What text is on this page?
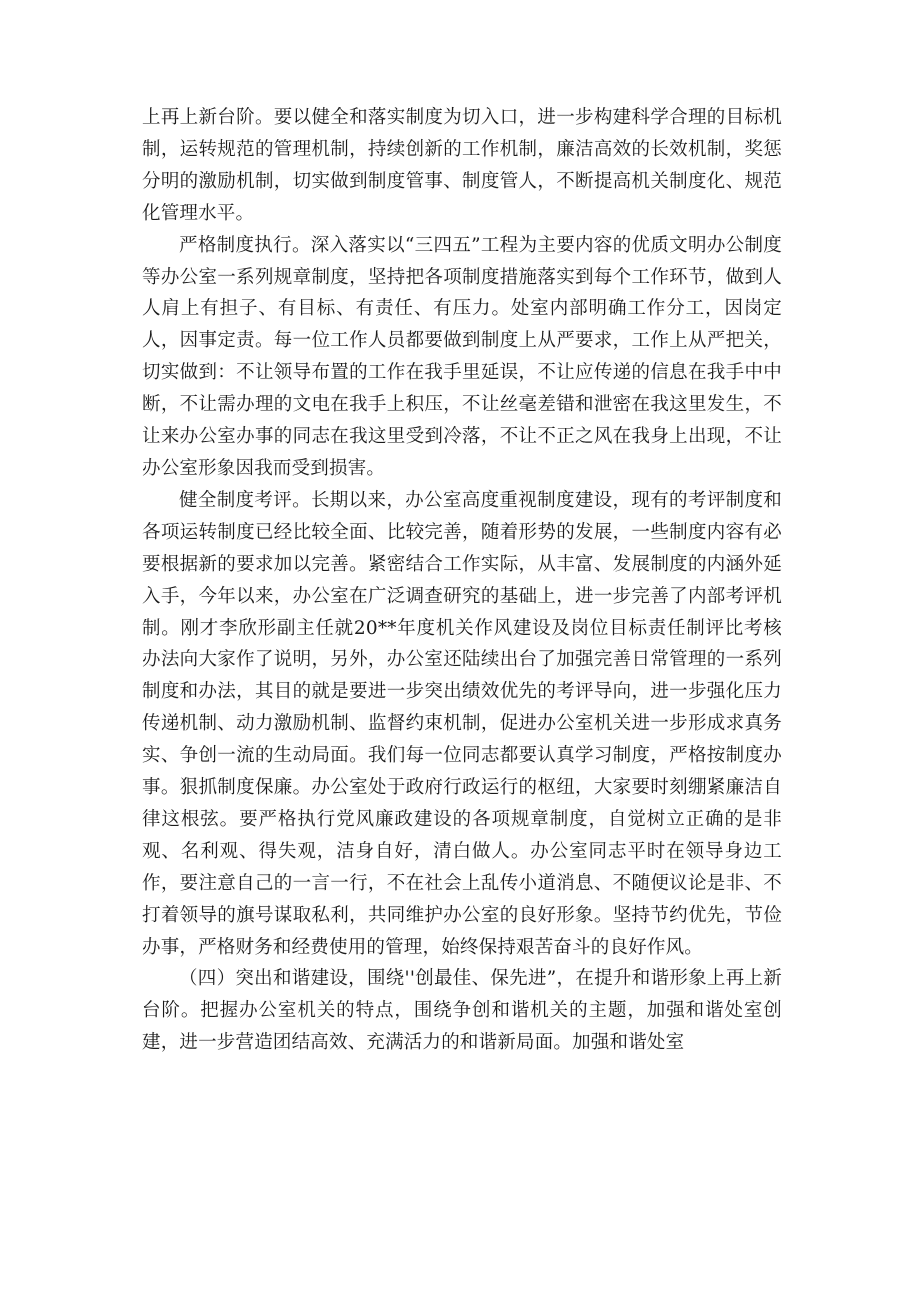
上再上新台阶。要以健全和落实制度为切入口，进一步构建科学合理的目标机制，运转规范的管理机制，持续创新的工作机制，廉洁高效的长效机制，奖惩分明的激励机制，切实做到制度管事、制度管人，不断提高机关制度化、规范化管理水平。

严格制度执行。深入落实以“三四五”工程为主要内容的优质文明办公制度等办公室一系列规章制度，坚持把各项制度措施落实到每个工作环节，做到人人肩上有担子、有目标、有责任、有压力。处室内部明确工作分工，因岗定人，因事定责。每一位工作人员都要做到制度上从严要求，工作上从严把关，切实做到：不让领导布置的工作在我手里延误，不让应传递的信息在我手中中断，不让需办理的文电在我手上积压，不让丝毫差错和泄密在我这里发生，不让来办公室办事的同志在我这里受到冷落，不让不正之风在我身上出现，不让办公室形象因我而受到损害。

健全制度考评。长期以来，办公室高度重视制度建设，现有的考评制度和各项运转制度已经比较全面、比较完善，随着形势的发展，一些制度内容有必要根据新的要求加以完善。紧密结合工作实际，从丰富、发展制度的内涵外延入手，今年以来，办公室在广泛调查研究的基础上，进一步完善了内部考评机制。刚才李欣形副主任就20**年度机关作风建设及岗位目标责任制评比考核办法向大家作了说明，另外，办公室还陆续出台了加强完善日常管理的一系列制度和办法，其目的就是要进一步突出绩效优先的考评导向，进一步强化压力传递机制、动力激励机制、监督约束机制，促进办公室机关进一步形成求真务实、争创一流的生动局面。我们每一位同志都要认真学习制度，严格按制度办事。狠抓制度保廉。办公室处于政府行政运行的枢纽，大家要时刻绷紧廉洁自律这根弦。要严格执行党风廉政建设的各项规章制度，自觉树立正确的是非观、名利观、得失观，洁身自好，清白做人。办公室同志平时在领导身边工作，要注意自己的一言一行，不在社会上乱传小道消息、不随便议论是非、不打着领导的旗号谋取私利，共同维护办公室的良好形象。坚持节约优先，节俭办事，严格财务和经费使用的管理，始终保持艰苦奋斗的良好作风。

（四）突出和谐建设，围绕''创最佳、保先进”，在提升和谐形象上再上新台阶。把握办公室机关的特点，围绕争创和谐机关的主题，加强和谐处室创建，进一步营造团结高效、充满活力的和谐新局面。加强和谐处室
